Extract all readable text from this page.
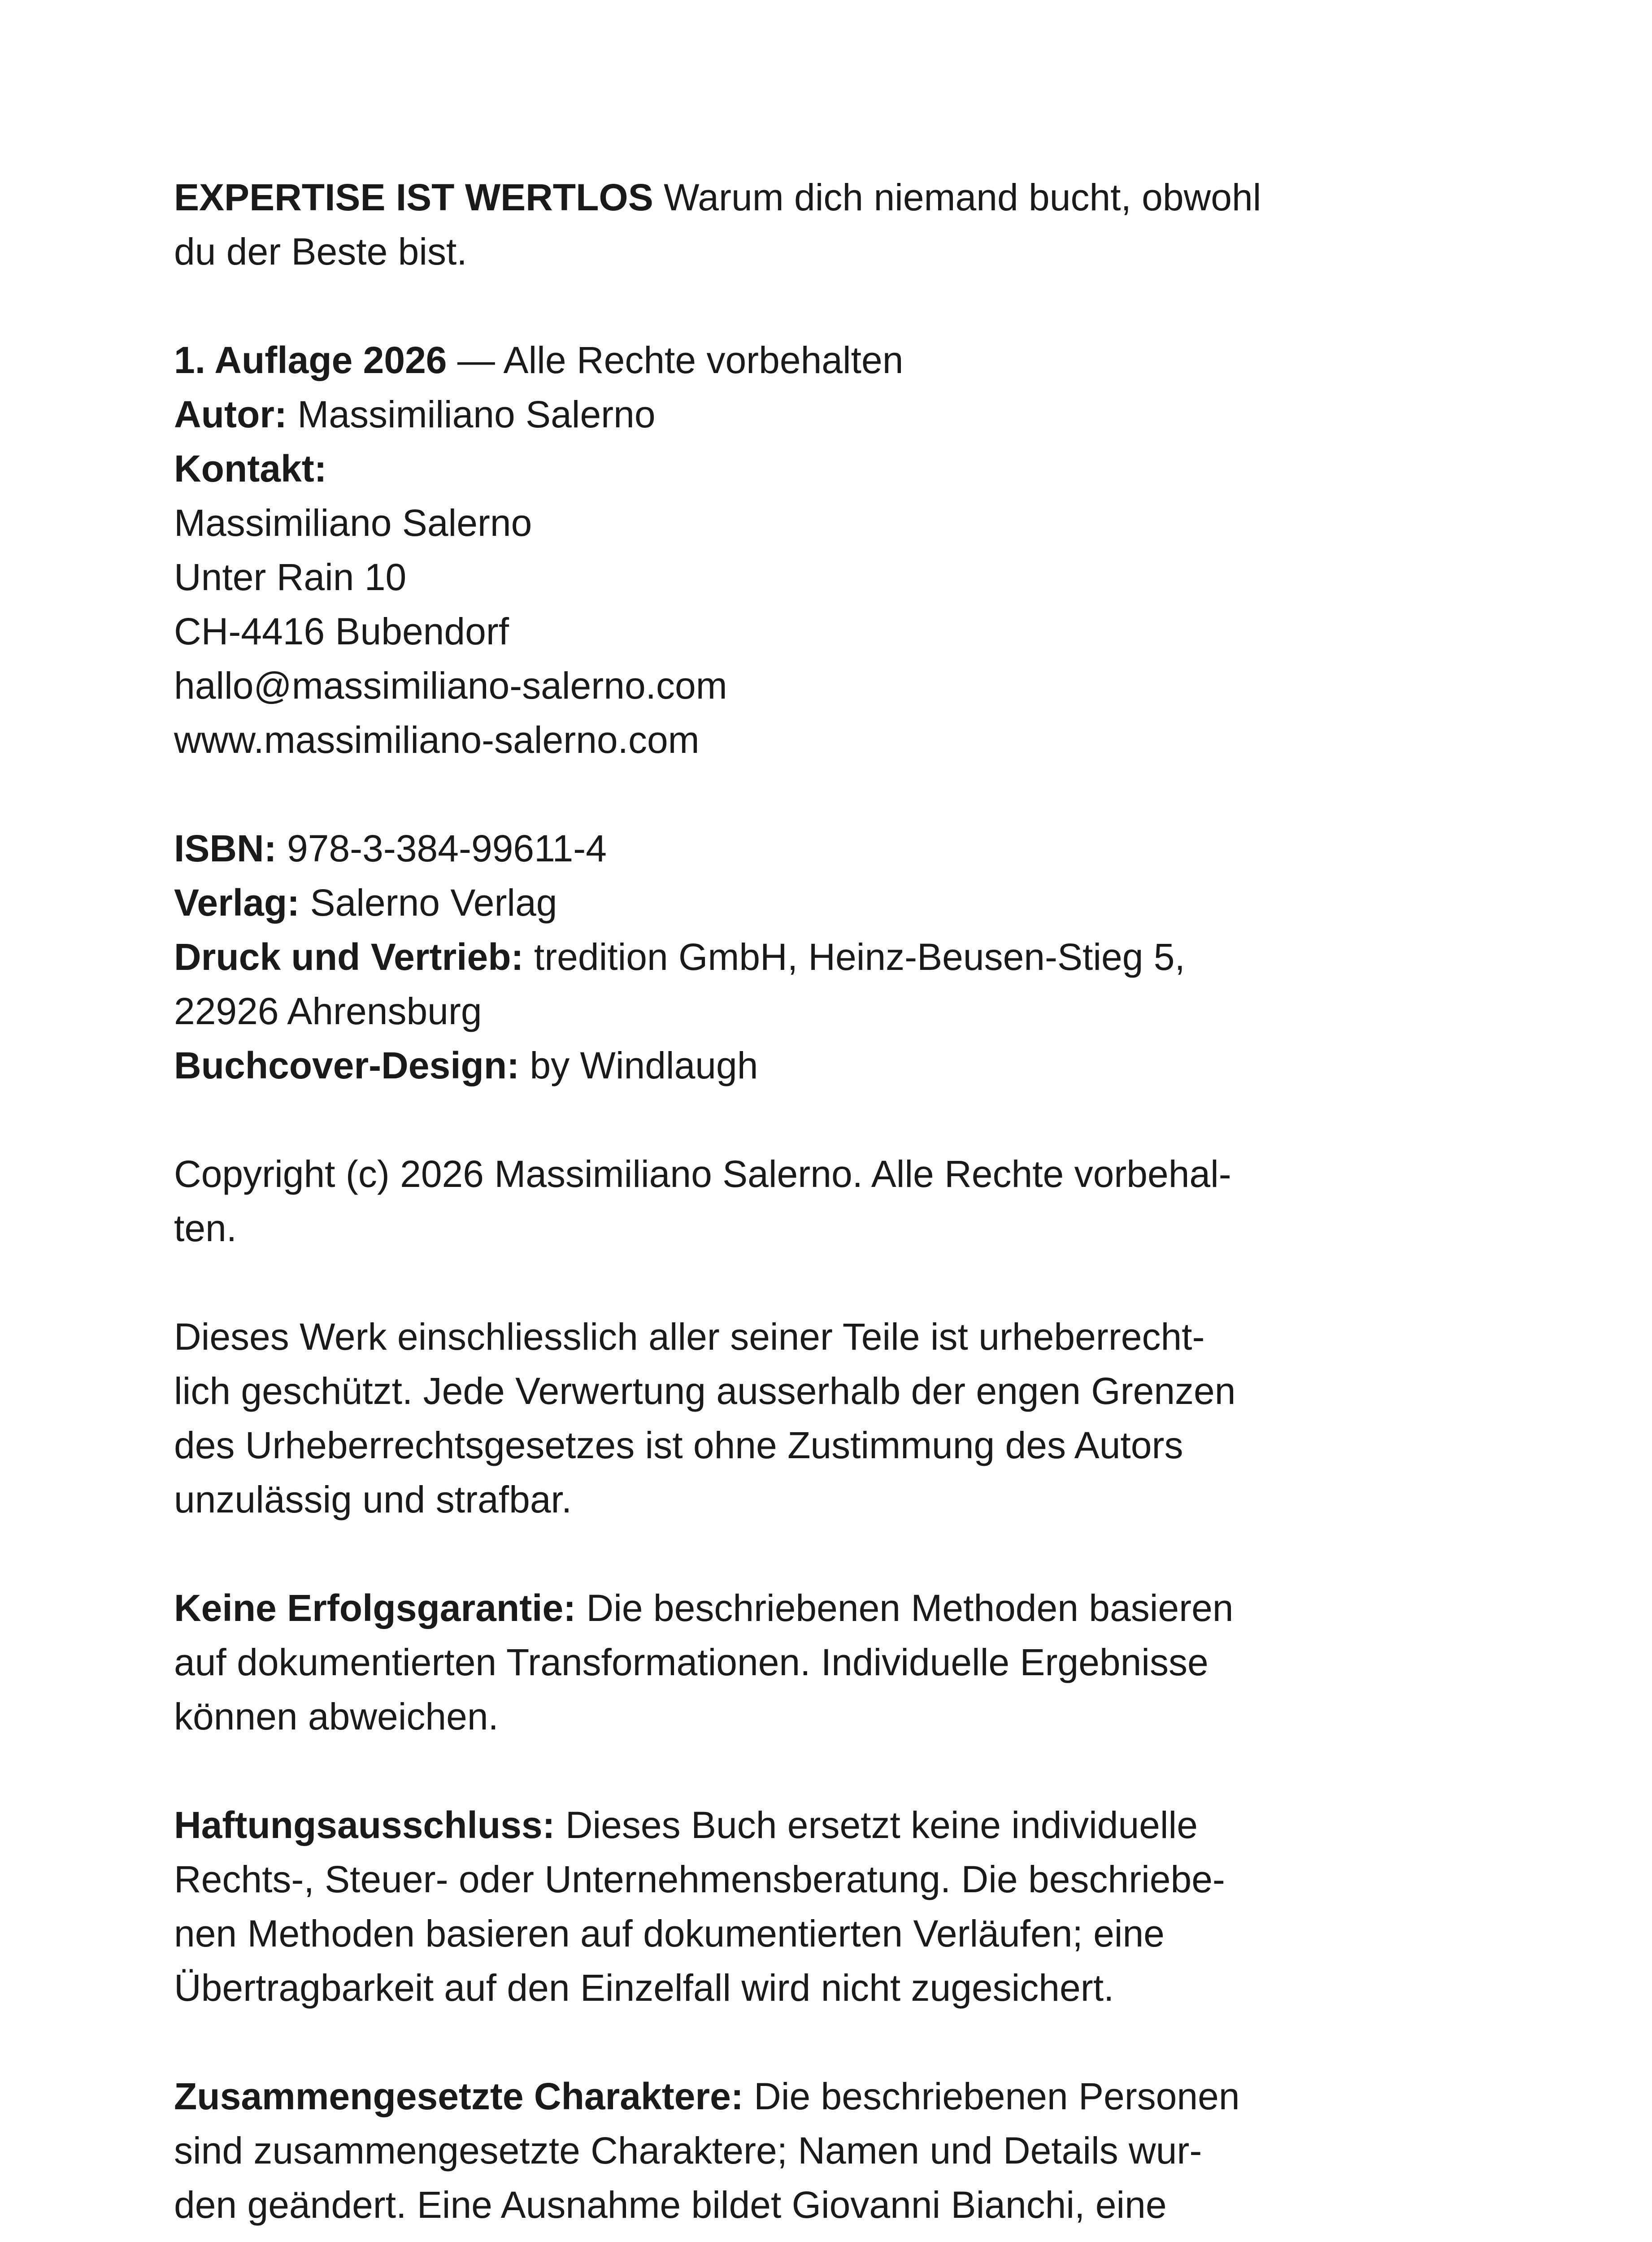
EXPERTISE IST WERTLOS Warum dich niemand bucht, obwohl
du der Beste bist.
1. Auflage 2026 — Alle Rechte vorbehalten
Autor: Massimiliano Salerno
Kontakt:
Massimiliano Salerno
Unter Rain 10
CH-4416 Bubendorf
hallo@massimiliano-salerno.com
www.massimiliano-salerno.com
ISBN: 978-3-384-99611-4
Verlag: Salerno Verlag
Druck und Vertrieb: tredition GmbH, Heinz-Beusen-Stieg 5,
22926 Ahrensburg
Buchcover-Design: by Windlaugh
Copyright (c) 2026 Massimiliano Salerno. Alle Rechte vorbehal-
ten.
Dieses Werk einschliesslich aller seiner Teile ist urheberrecht-
lich geschützt. Jede Verwertung ausserhalb der engen Grenzen
des Urheberrechtsgesetzes ist ohne Zustimmung des Autors
unzulässig und strafbar.
Keine Erfolgsgarantie: Die beschriebenen Methoden basieren
auf dokumentierten Transformationen. Individuelle Ergebnisse
können abweichen.
Haftungsausschluss: Dieses Buch ersetzt keine individuelle
Rechts-, Steuer- oder Unternehmensberatung. Die beschriebe-
nen Methoden basieren auf dokumentierten Verläufen; eine
Übertragbarkeit auf den Einzelfall wird nicht zugesichert.
Zusammengesetzte Charaktere: Die beschriebenen Personen
sind zusammengesetzte Charaktere; Namen und Details wur-
den geändert. Eine Ausnahme bildet Giovanni Bianchi, eine
